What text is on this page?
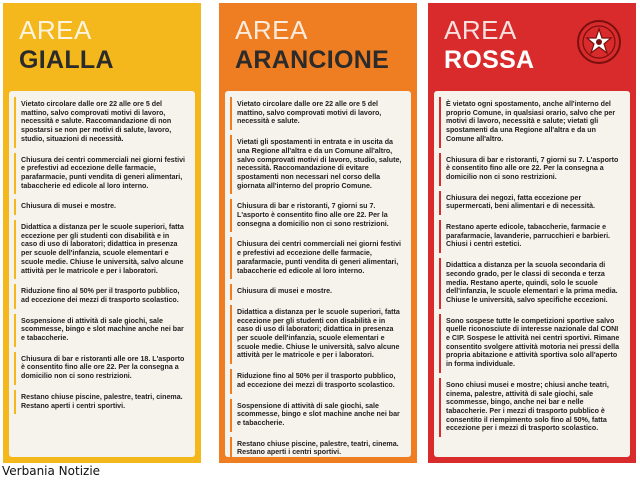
AREA
GIALLA
Vietato circolare dalle ore 22 alle ore 5 del mattino, salvo comprovati motivi di lavoro, necessità e salute. Raccomandazione di non spostarsi se non per motivi di salute, lavoro, studio, situazioni di necessità.
Chiusura dei centri commerciali nei giorni festivi e prefestivi ad eccezione delle farmacie, parafarmacie, punti vendita di generi alimentari, tabaccherie ed edicole al loro interno.
Chiusura di musei e mostre.
Didattica a distanza per le scuole superiori, fatta eccezione per gli studenti con disabilità e in caso di uso di laboratori; didattica in presenza per scuole dell'infanzia, scuole elementari e scuole medie. Chiuse le università, salvo alcune attività per le matricole e per i laboratori.
Riduzione fino al 50% per il trasporto pubblico, ad eccezione dei mezzi di trasporto scolastico.
Sospensione di attività di sale giochi, sale scommesse, bingo e slot machine anche nei bar e tabaccherie.
Chiusura di bar e ristoranti alle ore 18. L'asporto è consentito fino alle ore 22. Per la consegna a domicilio non ci sono restrizioni.
Restano chiuse piscine, palestre, teatri, cinema. Restano aperti i centri sportivi.
AREA
ARANCIONE
Vietato circolare dalle ore 22 alle ore 5 del mattino, salvo comprovati motivi di lavoro, necessità e salute.
Vietati gli spostamenti in entrata e in uscita da una Regione all'altra e da un Comune all'altro, salvo comprovati motivi di lavoro, studio, salute, necessità. Raccomandazione di evitare spostamenti non necessari nel corso della giornata all'interno del proprio Comune.
Chiusura di bar e ristoranti, 7 giorni su 7. L'asporto è consentito fino alle ore 22. Per la consegna a domicilio non ci sono restrizioni.
Chiusura dei centri commerciali nei giorni festivi e prefestivi ad eccezione delle farmacie, parafarmacie, punti vendita di generi alimentari, tabaccherie ed edicole al loro interno.
Chiusura di musei e mostre.
Didattica a distanza per le scuole superiori, fatta eccezione per gli studenti con disabilità e in caso di uso di laboratori; didattica in presenza per scuole dell'infanzia, scuole elementari e scuole medie. Chiuse le università, salvo alcune attività per le matricole e per i laboratori.
Riduzione fino al 50% per il trasporto pubblico, ad eccezione dei mezzi di trasporto scolastico.
Sospensione di attività di sale giochi, sale scommesse, bingo e slot machine anche nei bar e tabaccherie.
Restano chiuse piscine, palestre, teatri, cinema. Restano aperti i centri sportivi.
AREA
ROSSA
È vietato ogni spostamento, anche all'interno del proprio Comune, in qualsiasi orario, salvo che per motivi di lavoro, necessità e salute; vietati gli spostamenti da una Regione all'altra e da un Comune all'altro.
Chiusura di bar e ristoranti, 7 giorni su 7. L'asporto è consentito fino alle ore 22. Per la consegna a domicilio non ci sono restrizioni.
Chiusura dei negozi, fatta eccezione per supermercati, beni alimentari e di necessità.
Restano aperte edicole, tabaccherie, farmacie e parafarmacie, lavanderie, parrucchieri e barbieri. Chiusi i centri estetici.
Didattica a distanza per la scuola secondaria di secondo grado, per le classi di seconda e terza media. Restano aperte, quindi, solo le scuole dell'infanzia, le scuole elementari e la prima media. Chiuse le università, salvo specifiche eccezioni.
Sono sospese tutte le competizioni sportive salvo quelle riconosciute di interesse nazionale dal CONI e CIP. Sospese le attività nei centri sportivi. Rimane consentito svolgere attività motoria nei pressi della propria abitazione e attività sportiva solo all'aperto in forma individuale.
Sono chiusi musei e mostre; chiusi anche teatri, cinema, palestre, attività di sale giochi, sale scommesse, bingo, anche nei bar e nelle tabaccherie. Per i mezzi di trasporto pubblico è consentito il riempimento solo fino al 50%, fatta eccezione per i mezzi di trasporto scolastico.
Verbania Notizie
